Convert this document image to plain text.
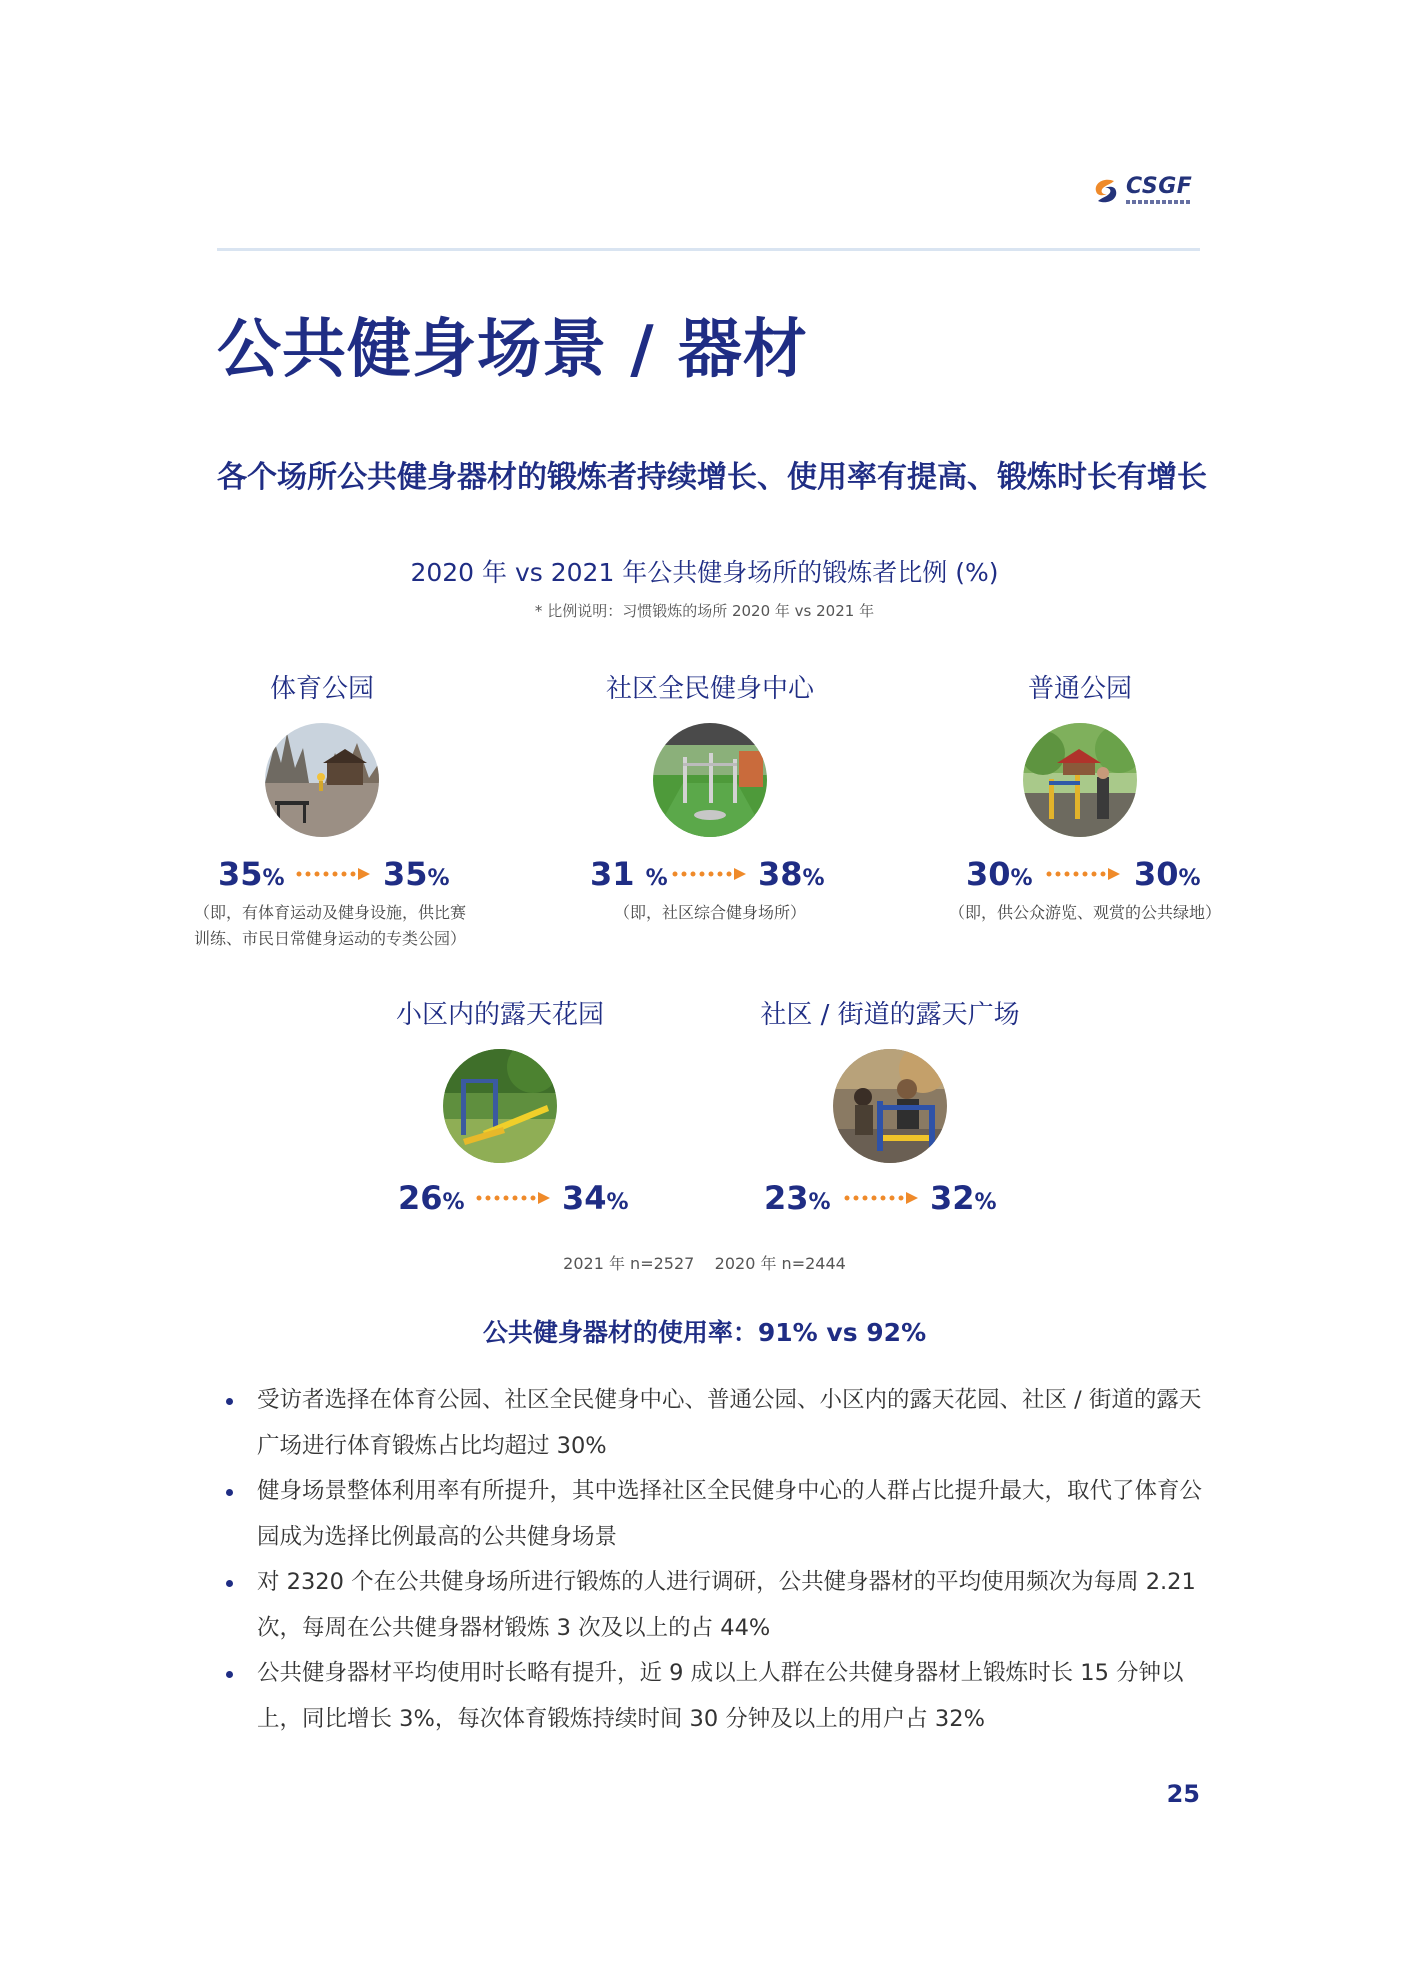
CSGF
公共健身场景 / 器材
各个场所公共健身器材的锻炼者持续增长、使用率有提高、锻炼时长有增长
2020 年 vs 2021 年公共健身场所的锻炼者比例 (%)
* 比例说明：习惯锻炼的场所 2020 年 vs 2021 年
体育公园
35%	35%
（即，有体育运动及健身设施，供比赛
训练、市民日常健身运动的专类公园）
社区全民健身中心
31 %	38%
（即，社区综合健身场所）
普通公园
30%	30%
（即，供公众游览、观赏的公共绿地）
小区内的露天花园
26%	34%
社区 / 街道的露天广场
23%	32%
2021 年 n=2527    2020 年 n=2444
公共健身器材的使用率：91% vs 92%
受访者选择在体育公园、社区全民健身中心、普通公园、小区内的露天花园、社区 / 街道的露天广场进行体育锻炼占比均超过 30%
健身场景整体利用率有所提升，其中选择社区全民健身中心的人群占比提升最大，取代了体育公园成为选择比例最高的公共健身场景
对 2320 个在公共健身场所进行锻炼的人进行调研，公共健身器材的平均使用频次为每周 2.21 次，每周在公共健身器材锻炼 3 次及以上的占 44%
公共健身器材平均使用时长略有提升，近 9 成以上人群在公共健身器材上锻炼时长 15 分钟以上，同比增长 3%，每次体育锻炼持续时间 30 分钟及以上的用户占 32%
25
